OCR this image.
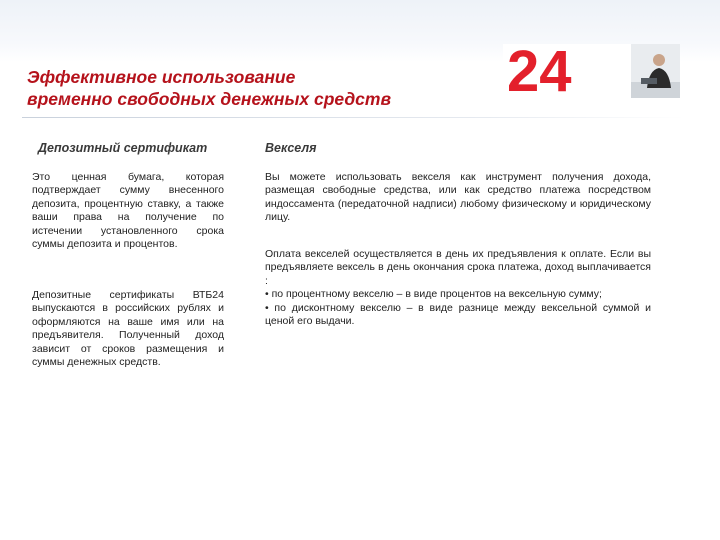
Эффективное использование
временно свободных денежных средств	24
Депозитный сертификат	Векселя

Это ценная бумага, которая подтверждает сумму внесенного депозита, процентную ставку, а также ваши права на получение по истечении установленного срока суммы депозита и процентов.

Депозитные сертификаты ВТБ24 выпускаются в российских рублях и оформляются на ваше имя или на предъявителя. Полученный доход зависит от сроков размещения и суммы денежных средств.

Вы можете использовать векселя как инструмент получения дохода, размещая свободные средства, или как средство платежа посредством индоссамента (передаточной надписи) любому физическому и юридическому лицу.

Оплата векселей осуществляется в день их предъявления к оплате. Если вы предъявляете вексель в день окончания срока платежа, доход выплачивается :
• по процентному векселю – в виде процентов на вексельную сумму;
• по дисконтному векселю – в виде разнице между вексельной суммой и ценой его выдачи.
